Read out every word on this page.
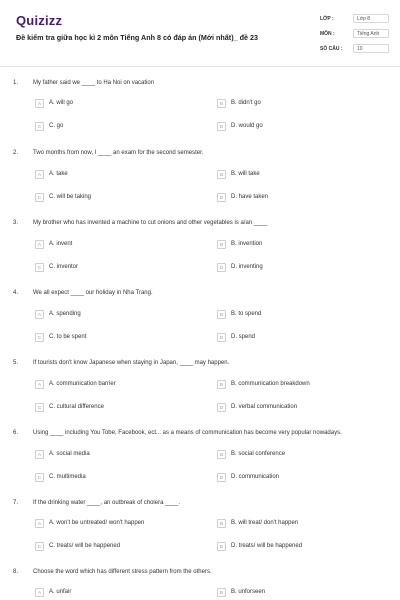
Quizizz
Đề kiểm tra giữa học kì 2 môn Tiếng Anh 8 có đáp án (Mới nhất)_ đề 23
LỚP :	Lớp 8
MÔN :	Tiếng Anh
SỐ CÂU :	10
1. My father said we ____ to Ha Noi on vacation
A	A. will go	B	B. didn't go
C	C. go	D	D. would go
2. Two months from now, I ____ an exam for the second semester.
A	A. take	B	B. will take
C	C. will be taking	D	D. have taken
3. My brother who has invented a machine to cut onions and other vegetables is a/an ____
A	A. invent	B	B. invention
C	C. inventor	D	D. inventing
4. We all expect ____ our holiday in Nha Trang.
A	A. spending	B	B. to spend
C	C. to be spent	D	D. spend
5. If tourists don't know Japanese when staying in Japan, ____ may happen.
A	A. communication barrier	B	B. communication breakdown
C	C. cultural difference	D	D. verbal communication
6. Using ____ including You Tobe, Facebook, ect... as a means of communication has become very popular nowadays.
A	A. social media	B	B. social conference
C	C. multimedia	D	D. communication
7. If the drinking water ____, an outbreak of cholera ____.
A	A. won't be untreated/ won't happen	B	B. will treat/ don't happen
C	C. treats/ will be happened	D	D. treats/ will be happened
8. Choose the word which has different stress pattern from the others.
A	A. unfair	B	B. unforseen
